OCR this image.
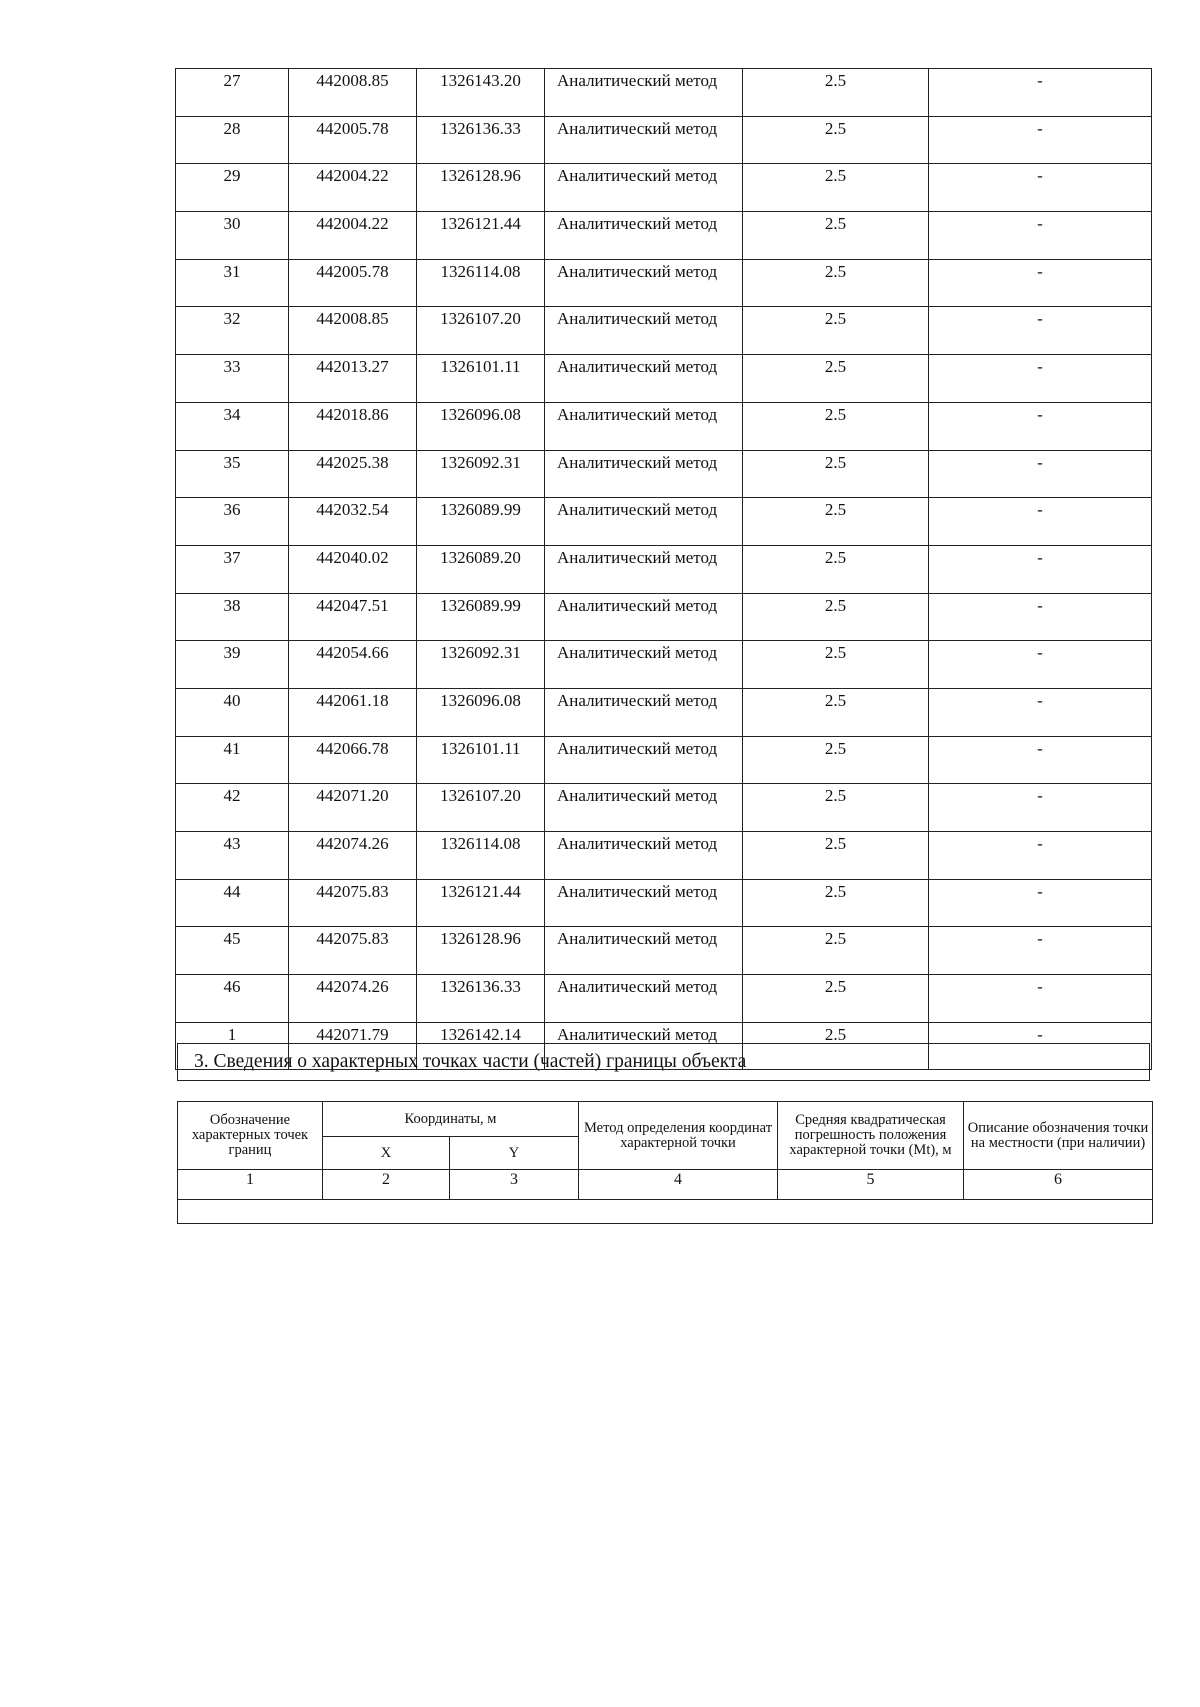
27	442008.85	1326143.20	Аналитический метод	2.5	-
28	442005.78	1326136.33	Аналитический метод	2.5	-
29	442004.22	1326128.96	Аналитический метод	2.5	-
30	442004.22	1326121.44	Аналитический метод	2.5	-
31	442005.78	1326114.08	Аналитический метод	2.5	-
32	442008.85	1326107.20	Аналитический метод	2.5	-
33	442013.27	1326101.11	Аналитический метод	2.5	-
34	442018.86	1326096.08	Аналитический метод	2.5	-
35	442025.38	1326092.31	Аналитический метод	2.5	-
36	442032.54	1326089.99	Аналитический метод	2.5	-
37	442040.02	1326089.20	Аналитический метод	2.5	-
38	442047.51	1326089.99	Аналитический метод	2.5	-
39	442054.66	1326092.31	Аналитический метод	2.5	-
40	442061.18	1326096.08	Аналитический метод	2.5	-
41	442066.78	1326101.11	Аналитический метод	2.5	-
42	442071.20	1326107.20	Аналитический метод	2.5	-
43	442074.26	1326114.08	Аналитический метод	2.5	-
44	442075.83	1326121.44	Аналитический метод	2.5	-
45	442075.83	1326128.96	Аналитический метод	2.5	-
46	442074.26	1326136.33	Аналитический метод	2.5	-
1	442071.79	1326142.14	Аналитический метод	2.5	-
3. Сведения о характерных точках части (частей) границы объекта
Обозначение характерных точек границ	Координаты, м		Метод определения координат характерной точки	Средняя квадратическая погрешность положения характерной точки (Mt), м	Описание обозначения точки на местности (при наличии)
	X	Y			
1	2	3	4	5	6
